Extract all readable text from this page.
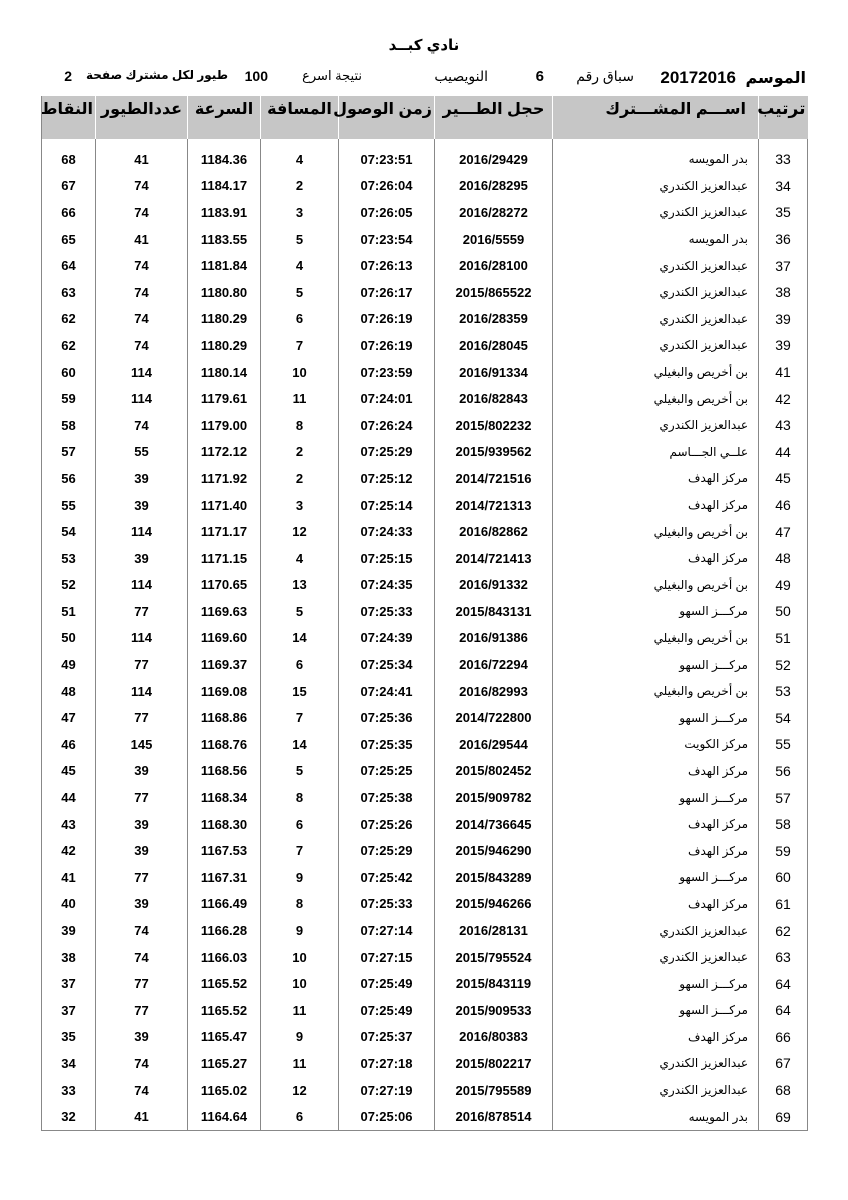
نادي كبــد
الموسم
20172016
سباق رقم
6
النويصيب
نتيجة اسرع
100
طيور لكل مشترك صفحة
2
ترتيب	اســـم المشـــترك	حجل الطـــير	زمن الوصول	المسافة	السرعة	عددالطيور	النقاط

33	بدر المويسه	2016/29429	07:23:51	4	1184.36	41	68
34	عبدالعزيز الكندري	2016/28295	07:26:04	2	1184.17	74	67
35	عبدالعزيز الكندري	2016/28272	07:26:05	3	1183.91	74	66
36	بدر المويسه	2016/5559	07:23:54	5	1183.55	41	65
37	عبدالعزيز الكندري	2016/28100	07:26:13	4	1181.84	74	64
38	عبدالعزيز الكندري	2015/865522	07:26:17	5	1180.80	74	63
39	عبدالعزيز الكندري	2016/28359	07:26:19	6	1180.29	74	62
39	عبدالعزيز الكندري	2016/28045	07:26:19	7	1180.29	74	62
41	بن أخريص والبغيلي	2016/91334	07:23:59	10	1180.14	114	60
42	بن أخريص والبغيلي	2016/82843	07:24:01	11	1179.61	114	59
43	عبدالعزيز الكندري	2015/802232	07:26:24	8	1179.00	74	58
44	علــي الجـــاسم	2015/939562	07:25:29	2	1172.12	55	57
45	مركز الهدف	2014/721516	07:25:12	2	1171.92	39	56
46	مركز الهدف	2014/721313	07:25:14	3	1171.40	39	55
47	بن أخريص والبغيلي	2016/82862	07:24:33	12	1171.17	114	54
48	مركز الهدف	2014/721413	07:25:15	4	1171.15	39	53
49	بن أخريص والبغيلي	2016/91332	07:24:35	13	1170.65	114	52
50	مركـــز السهو	2015/843131	07:25:33	5	1169.63	77	51
51	بن أخريص والبغيلي	2016/91386	07:24:39	14	1169.60	114	50
52	مركـــز السهو	2016/72294	07:25:34	6	1169.37	77	49
53	بن أخريص والبغيلي	2016/82993	07:24:41	15	1169.08	114	48
54	مركـــز السهو	2014/722800	07:25:36	7	1168.86	77	47
55	مركز الكويت	2016/29544	07:25:35	14	1168.76	145	46
56	مركز الهدف	2015/802452	07:25:25	5	1168.56	39	45
57	مركـــز السهو	2015/909782	07:25:38	8	1168.34	77	44
58	مركز الهدف	2014/736645	07:25:26	6	1168.30	39	43
59	مركز الهدف	2015/946290	07:25:29	7	1167.53	39	42
60	مركـــز السهو	2015/843289	07:25:42	9	1167.31	77	41
61	مركز الهدف	2015/946266	07:25:33	8	1166.49	39	40
62	عبدالعزيز الكندري	2016/28131	07:27:14	9	1166.28	74	39
63	عبدالعزيز الكندري	2015/795524	07:27:15	10	1166.03	74	38
64	مركـــز السهو	2015/843119	07:25:49	10	1165.52	77	37
64	مركـــز السهو	2015/909533	07:25:49	11	1165.52	77	37
66	مركز الهدف	2016/80383	07:25:37	9	1165.47	39	35
67	عبدالعزيز الكندري	2015/802217	07:27:18	11	1165.27	74	34
68	عبدالعزيز الكندري	2015/795589	07:27:19	12	1165.02	74	33
69	بدر المويسه	2016/878514	07:25:06	6	1164.64	41	32
